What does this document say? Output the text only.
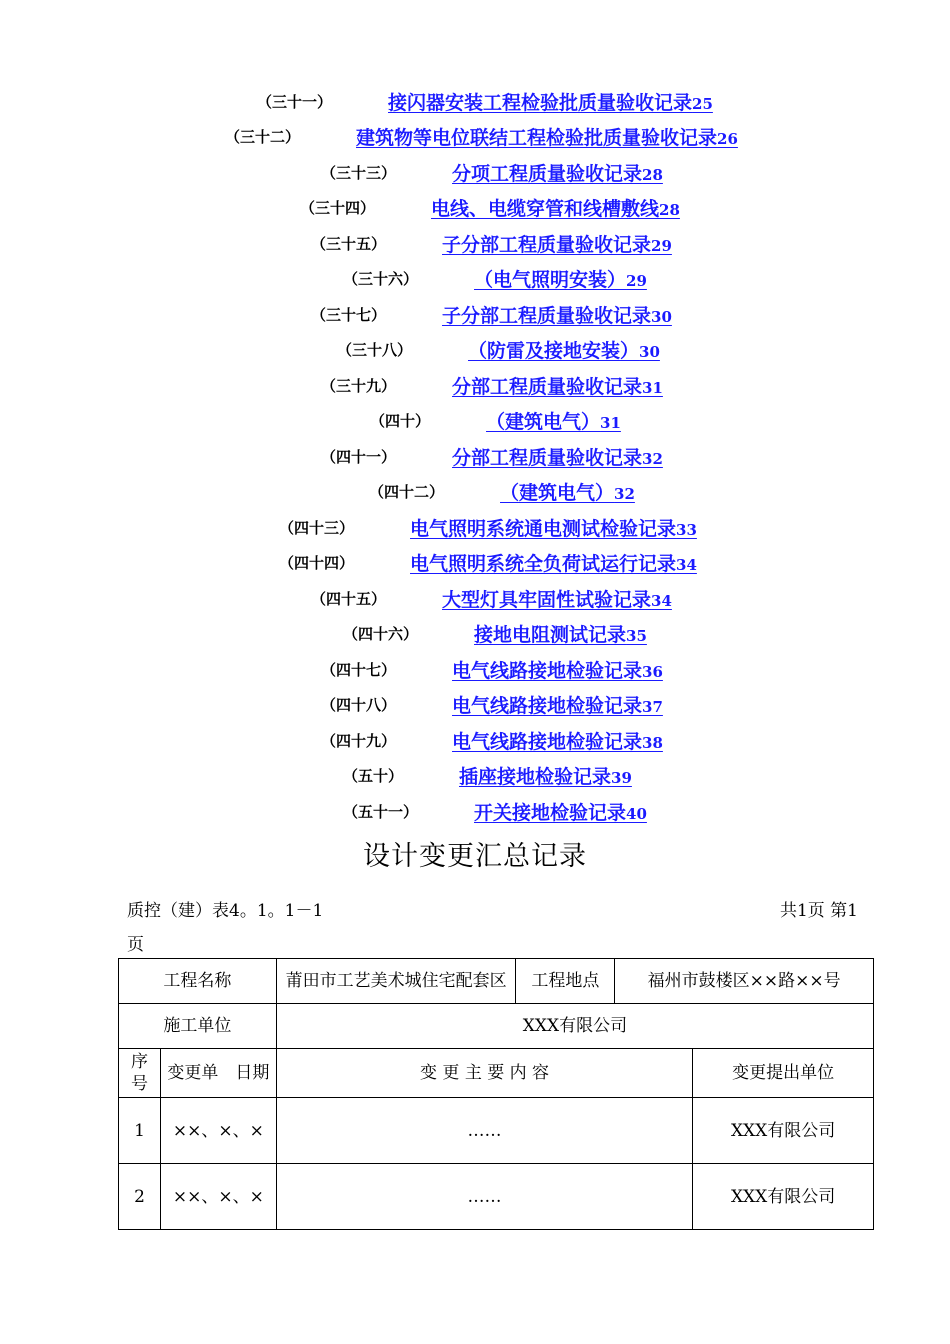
（三十一）	接闪器安装工程检验批质量验收记录25
（三十二）	建筑物等电位联结工程检验批质量验收记录26
（三十三）	分项工程质量验收记录28
（三十四）	电线、电缆穿管和线槽敷线28
（三十五）	子分部工程质量验收记录29
（三十六）	（电气照明安装）29
（三十七）	子分部工程质量验收记录30
（三十八）	（防雷及接地安装）30
（三十九）	分部工程质量验收记录31
（四十）	（建筑电气）31
（四十一）	分部工程质量验收记录32
（四十二）	（建筑电气）32
（四十三）	电气照明系统通电测试检验记录33
（四十四）	电气照明系统全负荷试运行记录34
（四十五）	大型灯具牢固性试验记录34
（四十六）	接地电阻测试记录35
（四十七）	电气线路接地检验记录36
（四十八）	电气线路接地检验记录37
（四十九）	电气线路接地检验记录38
（五十）	插座接地检验记录39
（五十一）	开关接地检验记录40
设计变更汇总记录
质控（建）表4。1。1－1	共1页 第1
页
工程名称		莆田市工艺美术城住宅配套区	工程地点	福州市鼓楼区××路××号	
施工单位		XXX有限公司			
序号	变更单　日期	变 更 主 要 内 容			变更提出单位
1	××、×、×	……			XXX有限公司
2	××、×、×	……			XXX有限公司
